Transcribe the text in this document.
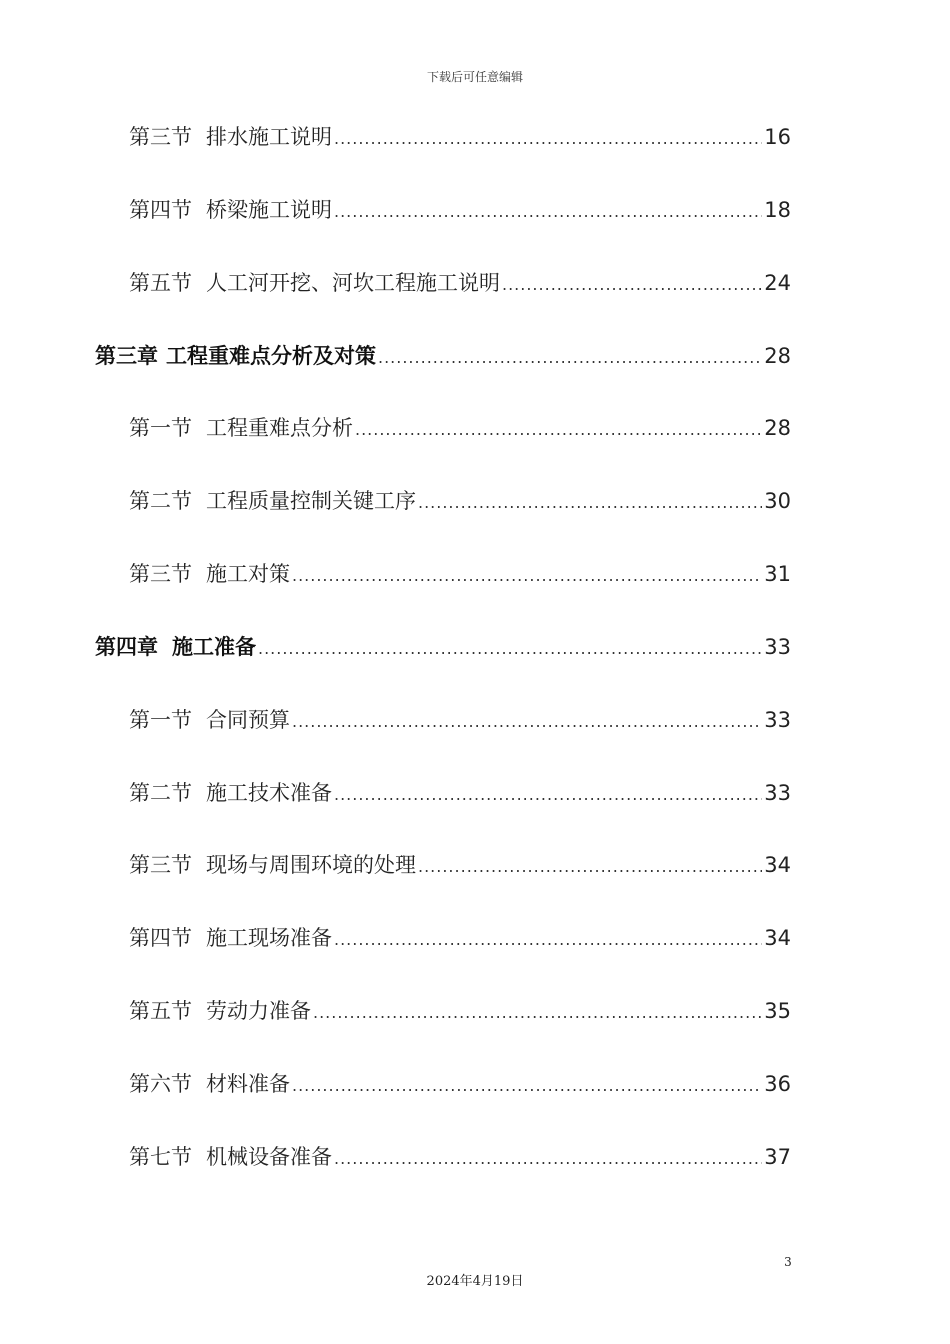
下载后可任意编辑
第三节 排水施工说明 .....	16
第四节 桥梁施工说明 .....	18
第五节 人工河开挖、河坎工程施工说明 .....	24
第三章 工程重难点分析及对策 .....	28
第一节 工程重难点分析 .....	28
第二节 工程质量控制关键工序 .....	30
第三节 施工对策 .....	31
第四章 施工准备 .....	33
第一节 合同预算 .....	33
第二节 施工技术准备 .....	33
第三节 现场与周围环境的处理 .....	34
第四节 施工现场准备 .....	34
第五节 劳动力准备 .....	35
第六节 材料准备 .....	36
第七节 机械设备准备 .....	37
3
2024年4月19日
